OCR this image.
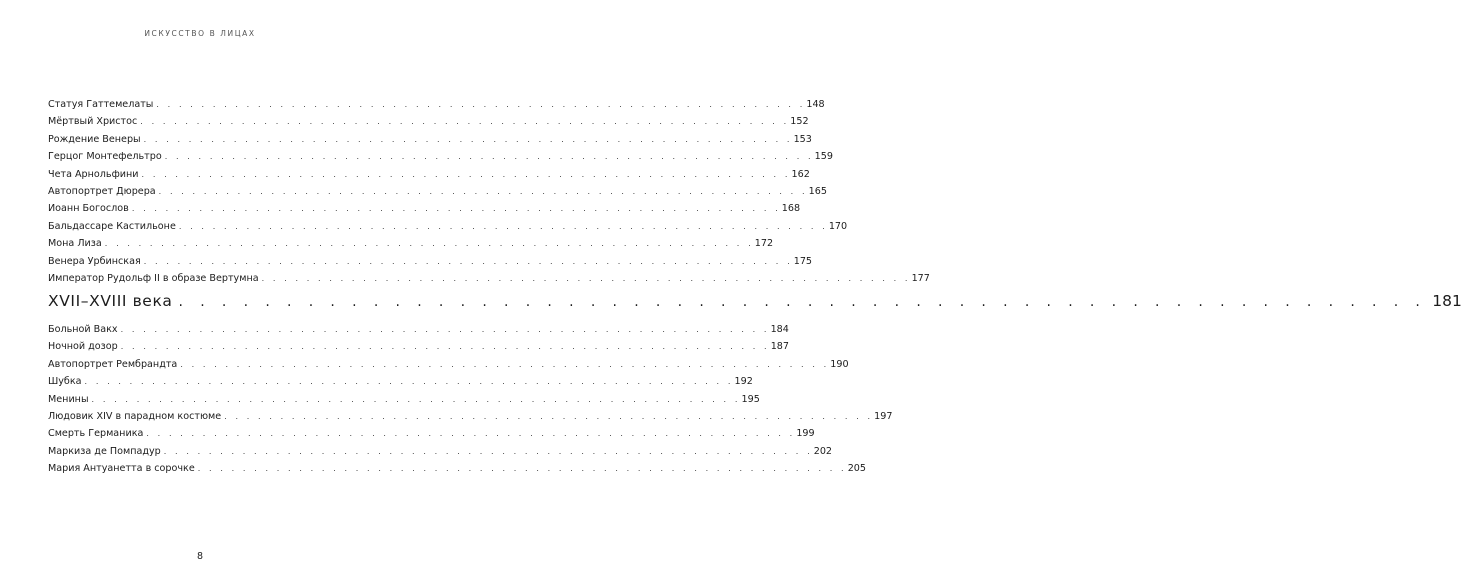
ИСКУССТВО В ЛИЦАХ
Статуя Гаттемелаты . . . . . . . . . . . . . . . . . . . . . . . . . . . . . . . . . . . . . . . . . . . . . . . . . . . . . . . . . . 148
Мёртвый Христос . . . . . . . . . . . . . . . . . . . . . . . . . . . . . . . . . . . . . . . . . . . . . . . . . . . . . . . . . . 152
Рождение Венеры . . . . . . . . . . . . . . . . . . . . . . . . . . . . . . . . . . . . . . . . . . . . . . . . . . . . . . . . . . 153
Герцог Монтефельтро . . . . . . . . . . . . . . . . . . . . . . . . . . . . . . . . . . . . . . . . . . . . . . . . . . . . . . . . . . 159
Чета Арнольфини . . . . . . . . . . . . . . . . . . . . . . . . . . . . . . . . . . . . . . . . . . . . . . . . . . . . . . . . . . 162
Автопортрет Дюрера . . . . . . . . . . . . . . . . . . . . . . . . . . . . . . . . . . . . . . . . . . . . . . . . . . . . . . . . . . 165
Иоанн Богослов . . . . . . . . . . . . . . . . . . . . . . . . . . . . . . . . . . . . . . . . . . . . . . . . . . . . . . . . . . 168
Бальдассаре Кастильоне . . . . . . . . . . . . . . . . . . . . . . . . . . . . . . . . . . . . . . . . . . . . . . . . . . . . . . . . . . 170
Мона Лиза . . . . . . . . . . . . . . . . . . . . . . . . . . . . . . . . . . . . . . . . . . . . . . . . . . . . . . . . . . 172
Венера Урбинская . . . . . . . . . . . . . . . . . . . . . . . . . . . . . . . . . . . . . . . . . . . . . . . . . . . . . . . . . . 175
Император Рудольф II в образе Вертумна . . . . . . . . . . . . . . . . . . . . . . . . . . . . . . . . . . . . . . . . . . . . . . . . . . . . . . . . . . 177
XVII–XVIII века . . . . . . . . . . . . . . . . . . . . . . . . . . . . . . . . . . . . . . . . . . . . . . . . . . . . . . . . . . 181
Больной Вакх . . . . . . . . . . . . . . . . . . . . . . . . . . . . . . . . . . . . . . . . . . . . . . . . . . . . . . . . . . 184
Ночной дозор . . . . . . . . . . . . . . . . . . . . . . . . . . . . . . . . . . . . . . . . . . . . . . . . . . . . . . . . . . 187
Автопортрет Рембрандта . . . . . . . . . . . . . . . . . . . . . . . . . . . . . . . . . . . . . . . . . . . . . . . . . . . . . . . . . . 190
Шубка . . . . . . . . . . . . . . . . . . . . . . . . . . . . . . . . . . . . . . . . . . . . . . . . . . . . . . . . . . 192
Менины . . . . . . . . . . . . . . . . . . . . . . . . . . . . . . . . . . . . . . . . . . . . . . . . . . . . . . . . . . 195
Людовик XIV в парадном костюме . . . . . . . . . . . . . . . . . . . . . . . . . . . . . . . . . . . . . . . . . . . . . . . . . . . . . . . . . . 197
Смерть Германика . . . . . . . . . . . . . . . . . . . . . . . . . . . . . . . . . . . . . . . . . . . . . . . . . . . . . . . . . . 199
Маркиза де Помпадур . . . . . . . . . . . . . . . . . . . . . . . . . . . . . . . . . . . . . . . . . . . . . . . . . . . . . . . . . . 202
Мария Антуанетта в сорочке . . . . . . . . . . . . . . . . . . . . . . . . . . . . . . . . . . . . . . . . . . . . . . . . . . . . . . . . . . 205
8
